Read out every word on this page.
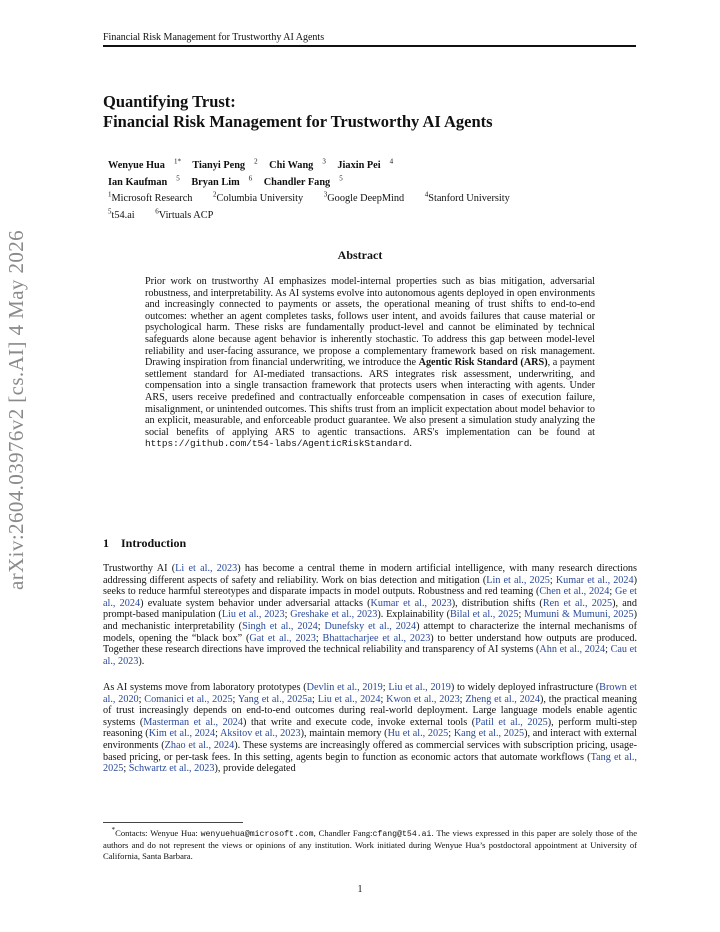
Financial Risk Management for Trustworthy AI Agents
arXiv:2604.03976v2 [cs.AI] 4 May 2026
Quantifying Trust:
Financial Risk Management for Trustworthy AI Agents
Wenyue Hua $^{1*}$ Tianyi Peng $^2$ Chi Wang $^3$ Jiaxin Pei $^4$
Ian Kaufman $^5$ Bryan Lim $^6$ Chandler Fang $^5$
$^1$Microsoft Research	$^2$Columbia University	$^3$Google DeepMind	$^4$Stanford University
$^5$t54.ai	$^6$Virtuals ACP
Abstract
Prior work on trustworthy AI emphasizes model-internal properties such as bias mitigation, adversarial robustness, and interpretability. As AI systems evolve into autonomous agents deployed in open environments and increasingly connected to payments or assets, the operational meaning of trust shifts to end-to-end outcomes: whether an agent completes tasks, follows user intent, and avoids failures that cause material or psychological harm. These risks are fundamentally product-level and cannot be eliminated by technical safeguards alone because agent behavior is inherently stochastic. To address this gap between model-level reliability and user-facing assurance, we propose a complementary framework based on risk management. Drawing inspiration from financial underwriting, we introduce the Agentic Risk Standard (ARS), a payment settlement standard for AI-mediated transactions. ARS integrates risk assessment, underwriting, and compensation into a single transaction framework that protects users when interacting with agents. Under ARS, users receive predefined and contractually enforceable compensation in cases of execution failure, misalignment, or unintended outcomes. This shifts trust from an implicit expectation about model behavior to an explicit, measurable, and enforceable product guarantee. We also present a simulation study analyzing the social benefits of applying ARS to agentic transactions. ARS's implementation can be found at https://github.com/t54-labs/AgenticRiskStandard.
1 Introduction
Trustworthy AI (Li et al., 2023) has become a central theme in modern artificial intelligence, with many research directions addressing different aspects of safety and reliability. Work on bias detection and mitigation (Lin et al., 2025; Kumar et al., 2024) seeks to reduce harmful stereotypes and disparate impacts in model outputs. Robustness and red teaming (Chen et al., 2024; Ge et al., 2024) evaluate system behavior under adversarial attacks (Kumar et al., 2023), distribution shifts (Ren et al., 2025), and prompt-based manipulation (Liu et al., 2023; Greshake et al., 2023). Explainability (Bilal et al., 2025; Mumuni & Mumuni, 2025) and mechanistic interpretability (Singh et al., 2024; Dunefsky et al., 2024) attempt to characterize the internal mechanisms of models, opening the “black box” (Gat et al., 2023; Bhattacharjee et al., 2023) to better understand how outputs are produced. Together these research directions have improved the technical reliability and transparency of AI systems (Ahn et al., 2024; Cau et al., 2023).
As AI systems move from laboratory prototypes (Devlin et al., 2019; Liu et al., 2019) to widely deployed infrastructure (Brown et al., 2020; Comanici et al., 2025; Yang et al., 2025a; Liu et al., 2024; Kwon et al., 2023; Zheng et al., 2024), the practical meaning of trust increasingly depends on end-to-end outcomes during real-world deployment. Large language models enable agentic systems (Masterman et al., 2024) that write and execute code, invoke external tools (Patil et al., 2025), perform multi-step reasoning (Kim et al., 2024; Aksitov et al., 2023), maintain memory (Hu et al., 2025; Kang et al., 2025), and interact with external environments (Zhao et al., 2024). These systems are increasingly offered as commercial services with subscription pricing, usage-based pricing, or per-task fees. In this setting, agents begin to function as economic actors that automate workflows (Tang et al., 2025; Schwartz et al., 2023), provide delegated
*Contacts: Wenyue Hua: wenyuehua@microsoft.com, Chandler Fang:cfang@t54.ai. The views expressed in this paper are solely those of the authors and do not represent the views or opinions of any institution. Work initiated during Wenyue Hua’s postdoctoral appointment at University of California, Santa Barbara.
1
